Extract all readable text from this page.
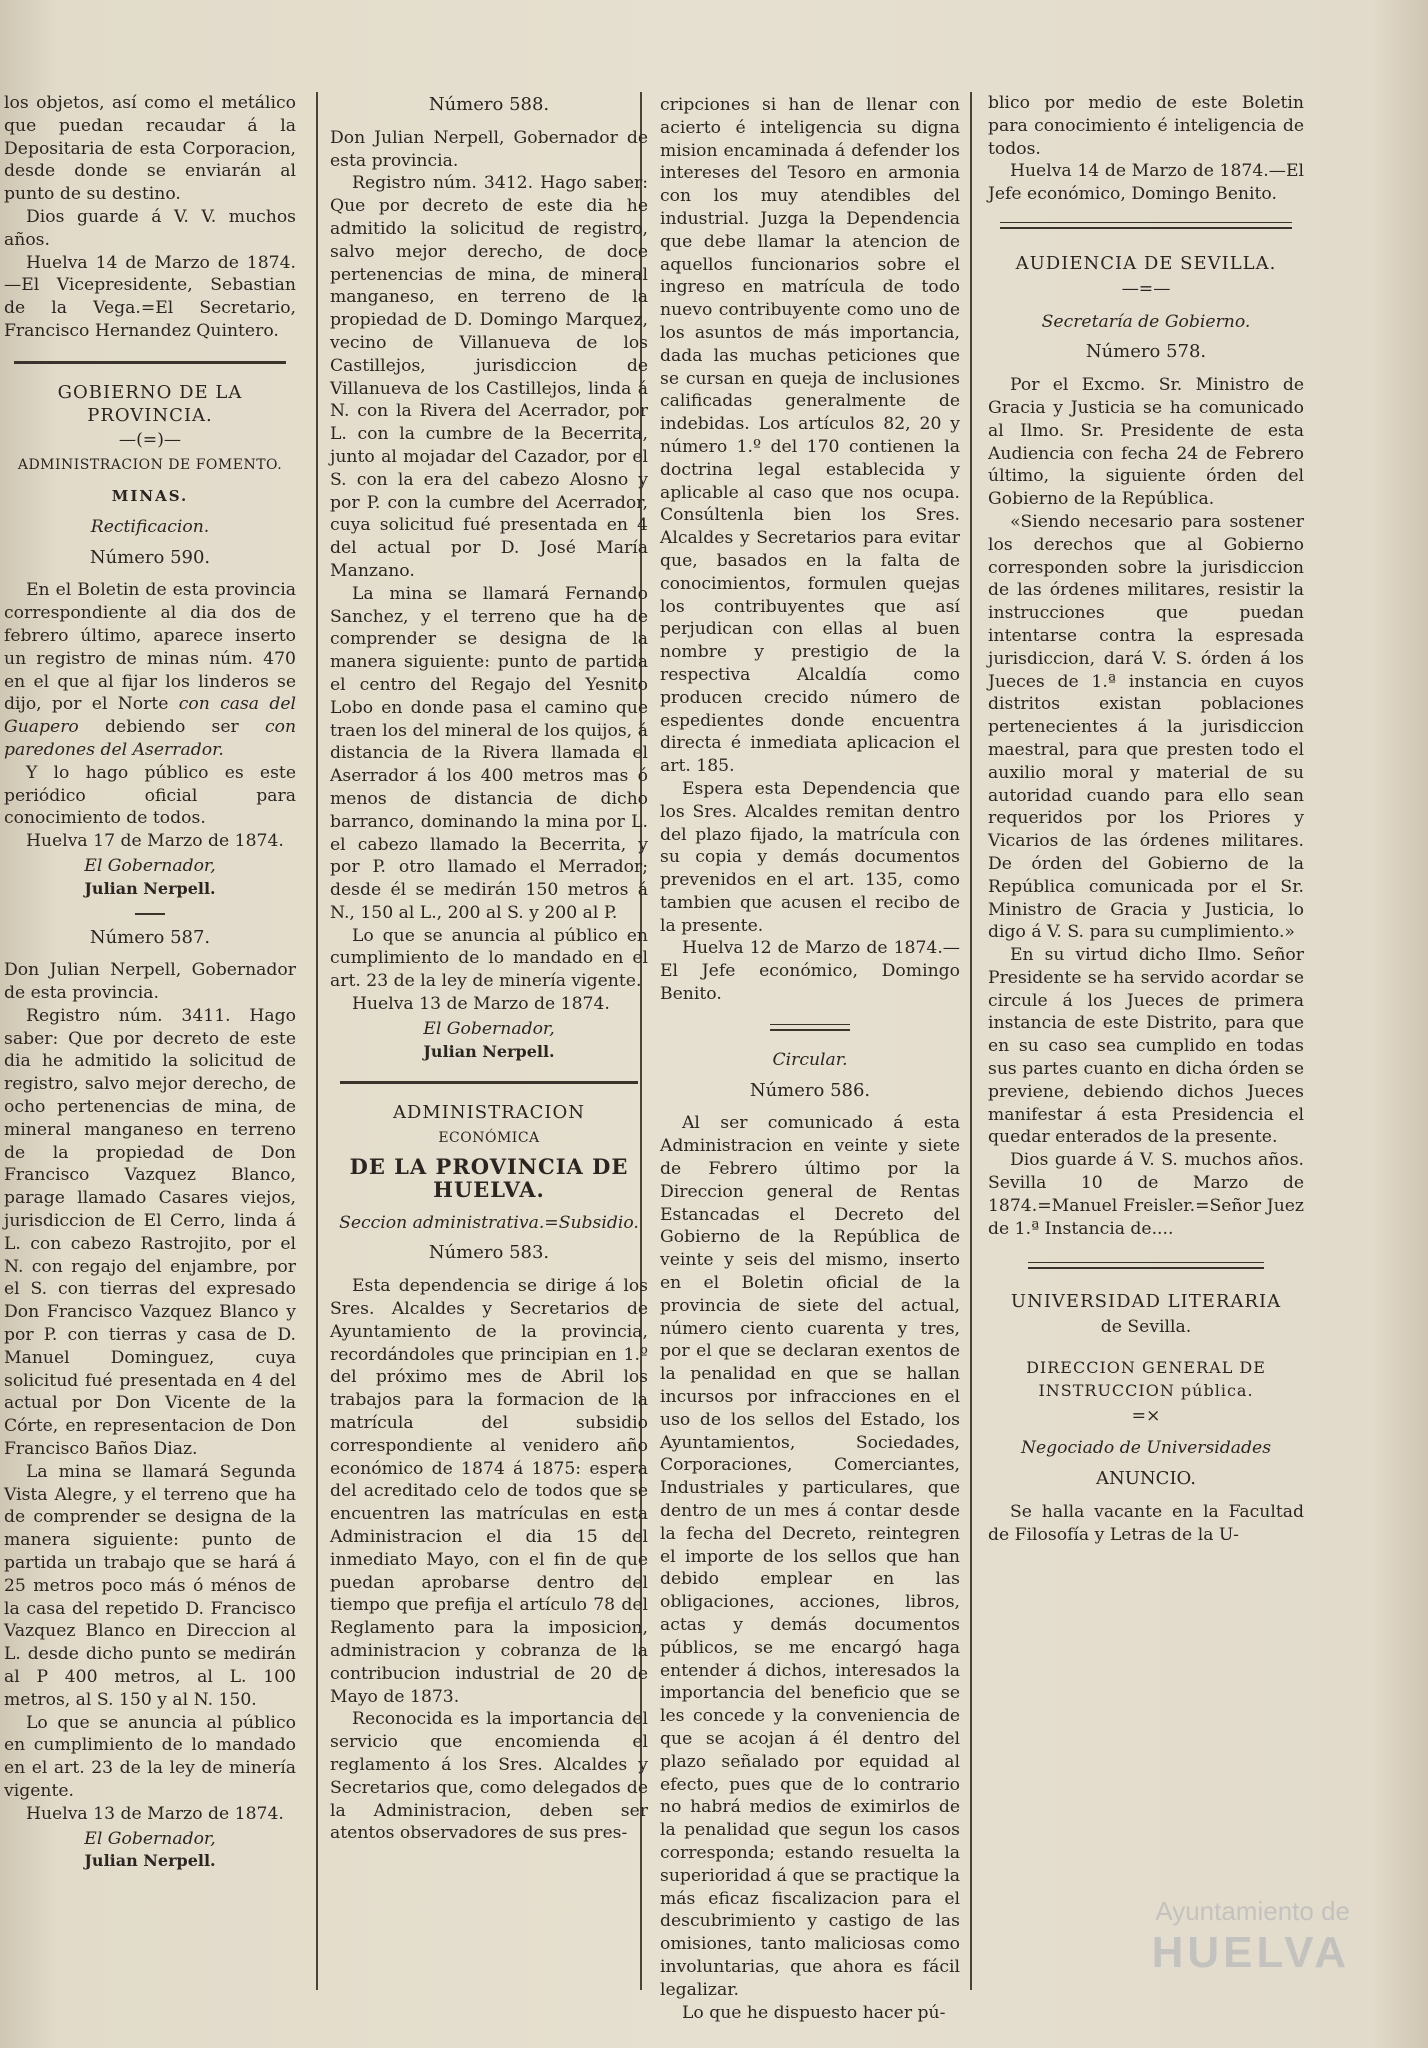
los objetos, así como el metálico que puedan recaudar á la Depositaria de esta Corporacion, desde donde se enviarán al punto de su destino.

Dios guarde á V. V. muchos años.

Huelva 14 de Marzo de 1874.—El Vicepresidente, Sebastian de la Vega.=El Secretario, Francisco Hernandez Quintero.

GOBIERNO DE LA PROVINCIA.
—(=)—
ADMINISTRACION DE FOMENTO.
MINAS.
Rectificacion.
Número 590.

En el Boletin de esta provincia correspondiente al dia dos de febrero último, aparece inserto un registro de minas núm. 470 en el que al fijar los linderos se dijo, por el Norte con casa del Guapero debiendo ser con paredones del Aserrador.

Y lo hago público es este periódico oficial para conocimiento de todos.

Huelva 17 de Marzo de 1874.

El Gobernador,
Julian Nerpell.
Número 587.

Don Julian Nerpell, Gobernador de esta provincia.

Registro núm. 3411. Hago saber: Que por decreto de este dia he admitido la solicitud de registro, salvo mejor derecho, de ocho pertenencias de mina, de mineral manganeso en terreno de la propiedad de Don Francisco Vazquez Blanco, parage llamado Casares viejos, jurisdiccion de El Cerro, linda á L. con cabezo Rastrojito, por el N. con regajo del enjambre, por el S. con tierras del expresado Don Francisco Vazquez Blanco y por P. con tierras y casa de D. Manuel Dominguez, cuya solicitud fué presentada en 4 del actual por Don Vicente de la Córte, en representacion de Don Francisco Baños Diaz.

La mina se llamará Segunda Vista Alegre, y el terreno que ha de comprender se designa de la manera siguiente: punto de partida un trabajo que se hará á 25 metros poco más ó ménos de la casa del repetido D. Francisco Vazquez Blanco en Direccion al L. desde dicho punto se medirán al P 400 metros, al L. 100 metros, al S. 150 y al N. 150.

Lo que se anuncia al público en cumplimiento de lo mandado en el art. 23 de la ley de minería vigente.

Huelva 13 de Marzo de 1874.

El Gobernador,
Julian Nerpell.
Número 588.

Don Julian Nerpell, Gobernador de esta provincia.

Registro núm. 3412. Hago saber: Que por decreto de este dia he admitido la solicitud de registro, salvo mejor derecho, de doce pertenencias de mina, de mineral manganeso, en terreno de la propiedad de D. Domingo Marquez, vecino de Villanueva de los Castillejos, jurisdiccion de Villanueva de los Castillejos, linda á N. con la Rivera del Acerrador, por L. con la cumbre de la Becerrita, junto al mojadar del Cazador, por el S. con la era del cabezo Alosno y por P. con la cumbre del Acerrador, cuya solicitud fué presentada en 4 del actual por D. José María Manzano.

La mina se llamará Fernando Sanchez, y el terreno que ha de comprender se designa de la manera siguiente: punto de partida el centro del Regajo del Yesnito Lobo en donde pasa el camino que traen los del mineral de los quijos, á distancia de la Rivera llamada el Aserrador á los 400 metros mas ó menos de distancia de dicho barranco, dominando la mina por L. el cabezo llamado la Becerrita, y por P. otro llamado el Merrador; desde él se medirán 150 metros á N., 150 al L., 200 al S. y 200 al P.

Lo que se anuncia al público en cumplimiento de lo mandado en el art. 23 de la ley de minería vigente.

Huelva 13 de Marzo de 1874.

El Gobernador,
Julian Nerpell.
ADMINISTRACION
ECONÓMICA
DE LA PROVINCIA DE HUELVA.
Seccion administrativa.=Subsidio.
Número 583.

Esta dependencia se dirige á los Sres. Alcaldes y Secretarios de Ayuntamiento de la provincia, recordándoles que principian en 1.º del próximo mes de Abril los trabajos para la formacion de la matrícula del subsidio correspondiente al venidero año económico de 1874 á 1875: espera del acreditado celo de todos que se encuentren las matrículas en esta Administracion el dia 15 del inmediato Mayo, con el fin de que puedan aprobarse dentro del tiempo que prefija el artículo 78 del Reglamento para la imposicion, administracion y cobranza de la contribucion industrial de 20 de Mayo de 1873.

Reconocida es la importancia del servicio que encomienda el reglamento á los Sres. Alcaldes y Secretarios que, como delegados de la Administracion, deben ser atentos observadores de sus pres-

cripciones si han de llenar con acierto é inteligencia su digna mision encaminada á defender los intereses del Tesoro en armonia con los muy atendibles del industrial. Juzga la Dependencia que debe llamar la atencion de aquellos funcionarios sobre el ingreso en matrícula de todo nuevo contribuyente como uno de los asuntos de más importancia, dada las muchas peticiones que se cursan en queja de inclusiones calificadas generalmente de indebidas. Los artículos 82, 20 y número 1.º del 170 contienen la doctrina legal establecida y aplicable al caso que nos ocupa. Consúltenla bien los Sres. Alcaldes y Secretarios para evitar que, basados en la falta de conocimientos, formulen quejas los contribuyentes que así perjudican con ellas al buen nombre y prestigio de la respectiva Alcaldía como producen crecido número de espedientes donde encuentra directa é inmediata aplicacion el art. 185.

Espera esta Dependencia que los Sres. Alcaldes remitan dentro del plazo fijado, la matrícula con su copia y demás documentos prevenidos en el art. 135, como tambien que acusen el recibo de la presente.

Huelva 12 de Marzo de 1874.—El Jefe económico, Domingo Benito.

Circular.
Número 586.

Al ser comunicado á esta Administracion en veinte y siete de Febrero último por la Direccion general de Rentas Estancadas el Decreto del Gobierno de la República de veinte y seis del mismo, inserto en el Boletin oficial de la provincia de siete del actual, número ciento cuarenta y tres, por el que se declaran exentos de la penalidad en que se hallan incursos por infracciones en el uso de los sellos del Estado, los Ayuntamientos, Sociedades, Corporaciones, Comerciantes, Industriales y particulares, que dentro de un mes á contar desde la fecha del Decreto, reintegren el importe de los sellos que han debido emplear en las obligaciones, acciones, libros, actas y demás documentos públicos, se me encargó haga entender á dichos, interesados la importancia del beneficio que se les concede y la conveniencia de que se acojan á él dentro del plazo señalado por equidad al efecto, pues que de lo contrario no habrá medios de eximirlos de la penalidad que segun los casos corresponda; estando resuelta la superioridad á que se practique la más eficaz fiscalizacion para el descubrimiento y castigo de las omisiones, tanto maliciosas como involuntarias, que ahora es fácil legalizar.

Lo que he dispuesto hacer pú-

blico por medio de este Boletin para conocimiento é inteligencia de todos.

Huelva 14 de Marzo de 1874.—El Jefe económico, Domingo Benito.

AUDIENCIA DE SEVILLA.
—=—
Secretaría de Gobierno.
Número 578.

Por el Excmo. Sr. Ministro de Gracia y Justicia se ha comunicado al Ilmo. Sr. Presidente de esta Audiencia con fecha 24 de Febrero último, la siguiente órden del Gobierno de la República.

«Siendo necesario para sostener los derechos que al Gobierno corresponden sobre la jurisdiccion de las órdenes militares, resistir la instrucciones que puedan intentarse contra la espresada jurisdiccion, dará V. S. órden á los Jueces de 1.ª instancia en cuyos distritos existan poblaciones pertenecientes á la jurisdiccion maestral, para que presten todo el auxilio moral y material de su autoridad cuando para ello sean requeridos por los Priores y Vicarios de las órdenes militares. De órden del Gobierno de la República comunicada por el Sr. Ministro de Gracia y Justicia, lo digo á V. S. para su cumplimiento.»

En su virtud dicho Ilmo. Señor Presidente se ha servido acordar se circule á los Jueces de primera instancia de este Distrito, para que en su caso sea cumplido en todas sus partes cuanto en dicha órden se previene, debiendo dichos Jueces manifestar á esta Presidencia el quedar enterados de la presente.

Dios guarde á V. S. muchos años. Sevilla 10 de Marzo de 1874.=Manuel Freisler.=Señor Juez de 1.ª Instancia de....

UNIVERSIDAD LITERARIA
de Sevilla.
DIRECCION GENERAL DE INSTRUCCION pública.
=×
Negociado de Universidades
ANUNCIO.

Se halla vacante en la Facultad de Filosofía y Letras de la U-

Ayuntamiento de
HUELVA
